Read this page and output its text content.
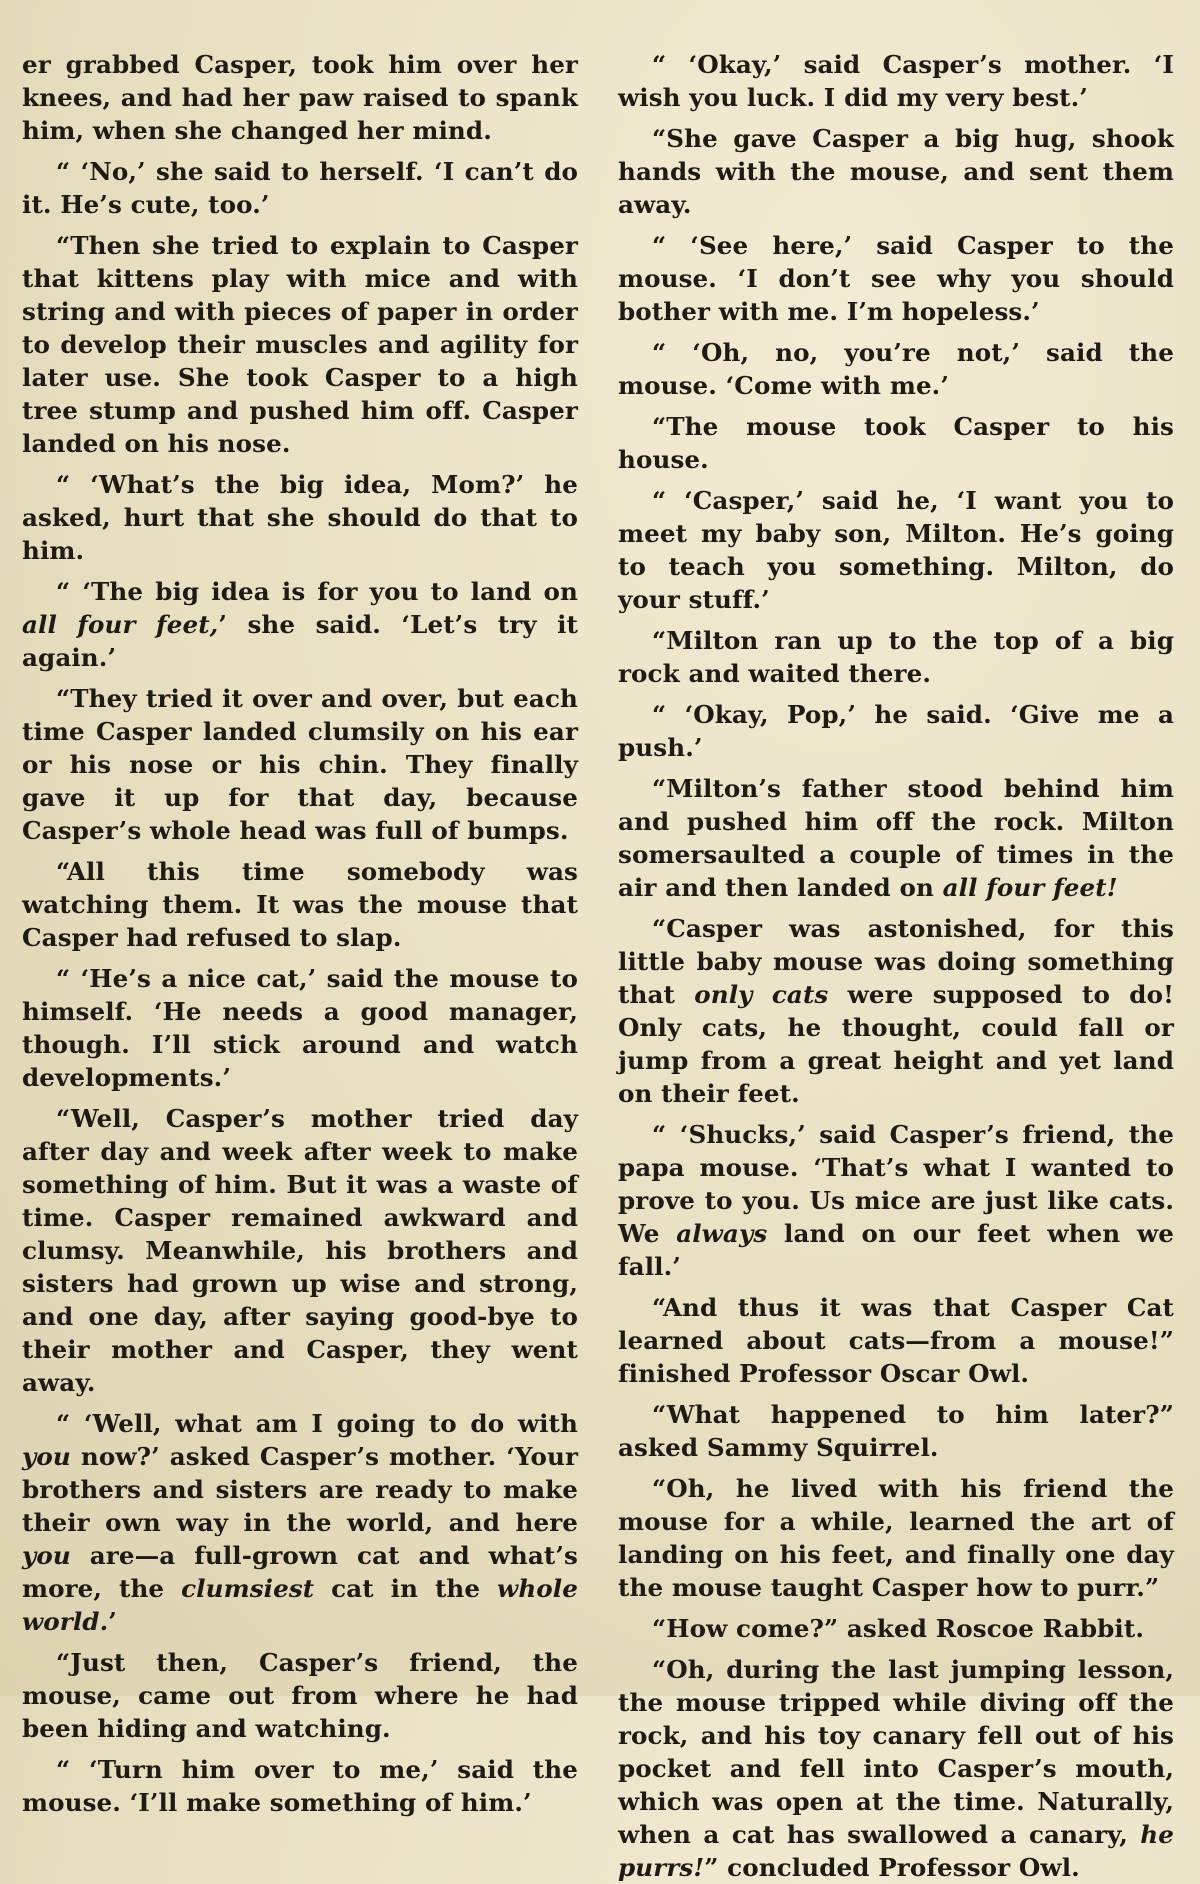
er grabbed Casper, took him over her knees, and had her paw raised to spank him, when she changed her mind.

“ ‘No,’ she said to herself. ‘I can’t do it. He’s cute, too.’

“Then she tried to explain to Casper that kittens play with mice and with string and with pieces of paper in order to develop their muscles and agility for later use. She took Casper to a high tree stump and pushed him off. Casper landed on his nose.

“ ‘What’s the big idea, Mom?’ he asked, hurt that she should do that to him.

“ ‘The big idea is for you to land on all four feet,’ she said. ‘Let’s try it again.’

“They tried it over and over, but each time Casper landed clumsily on his ear or his nose or his chin. They finally gave it up for that day, because Casper’s whole head was full of bumps.

“All this time somebody was watching them. It was the mouse that Casper had refused to slap.

“ ‘He’s a nice cat,’ said the mouse to himself. ‘He needs a good manager, though. I’ll stick around and watch developments.’

“Well, Casper’s mother tried day after day and week after week to make something of him. But it was a waste of time. Casper remained awkward and clumsy. Meanwhile, his brothers and sisters had grown up wise and strong, and one day, after saying good-bye to their mother and Casper, they went away.

“ ‘Well, what am I going to do with you now?’ asked Casper’s mother. ‘Your brothers and sisters are ready to make their own way in the world, and here you are—a full-grown cat and what’s more, the clumsiest cat in the whole world.’

“Just then, Casper’s friend, the mouse, came out from where he had been hiding and watching.

“ ‘Turn him over to me,’ said the mouse. ‘I’ll make something of him.’

“ ‘Okay,’ said Casper’s mother. ‘I wish you luck. I did my very best.’

“She gave Casper a big hug, shook hands with the mouse, and sent them away.

“ ‘See here,’ said Casper to the mouse. ‘I don’t see why you should bother with me. I’m hopeless.’

“ ‘Oh, no, you’re not,’ said the mouse. ‘Come with me.’

“The mouse took Casper to his house.

“ ‘Casper,’ said he, ‘I want you to meet my baby son, Milton. He’s going to teach you something. Milton, do your stuff.’

“Milton ran up to the top of a big rock and waited there.

“ ‘Okay, Pop,’ he said. ‘Give me a push.’

“Milton’s father stood behind him and pushed him off the rock. Milton somersaulted a couple of times in the air and then landed on all four feet!

“Casper was astonished, for this little baby mouse was doing something that only cats were supposed to do! Only cats, he thought, could fall or jump from a great height and yet land on their feet.

“ ‘Shucks,’ said Casper’s friend, the papa mouse. ‘That’s what I wanted to prove to you. Us mice are just like cats. We always land on our feet when we fall.’

“And thus it was that Casper Cat learned about cats—from a mouse!” finished Professor Oscar Owl.

“What happened to him later?” asked Sammy Squirrel.

“Oh, he lived with his friend the mouse for a while, learned the art of landing on his feet, and finally one day the mouse taught Casper how to purr.”

“How come?” asked Roscoe Rabbit.

“Oh, during the last jumping lesson, the mouse tripped while diving off the rock, and his toy canary fell out of his pocket and fell into Casper’s mouth, which was open at the time. Naturally, when a cat has swallowed a canary, he purrs!” concluded Professor Owl.
